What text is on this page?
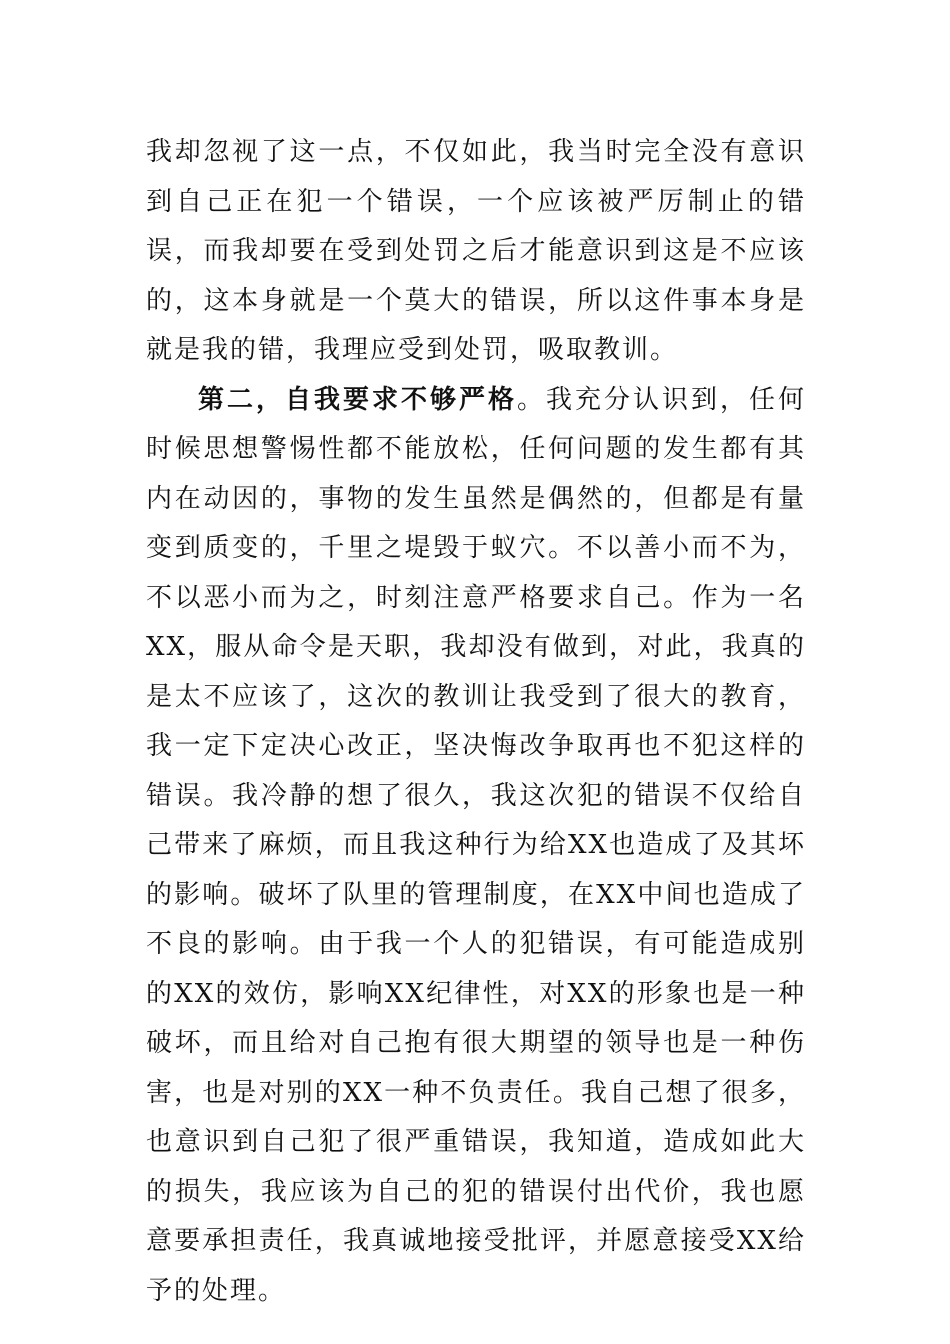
我却忽视了这一点，不仅如此，我当时完全没有意识到自己正在犯一个错误，一个应该被严厉制止的错误，而我却要在受到处罚之后才能意识到这是不应该的，这本身就是一个莫大的错误，所以这件事本身是就是我的错，我理应受到处罚，吸取教训。

第二，自我要求不够严格。我充分认识到，任何时候思想警惕性都不能放松，任何问题的发生都有其内在动因的，事物的发生虽然是偶然的，但都是有量变到质变的，千里之堤毁于蚁穴。不以善小而不为，不以恶小而为之，时刻注意严格要求自己。作为一名XX，服从命令是天职，我却没有做到，对此，我真的是太不应该了，这次的教训让我受到了很大的教育，我一定下定决心改正，坚决悔改争取再也不犯这样的错误。我冷静的想了很久，我这次犯的错误不仅给自己带来了麻烦，而且我这种行为给XX也造成了及其坏的影响。破坏了队里的管理制度，在XX中间也造成了不良的影响。由于我一个人的犯错误，有可能造成别的XX的效仿，影响XX纪律性，对XX的形象也是一种破坏，而且给对自己抱有很大期望的领导也是一种伤害，也是对别的XX一种不负责任。我自己想了很多，也意识到自己犯了很严重错误，我知道，造成如此大的损失，我应该为自己的犯的错误付出代价，我也愿意要承担责任，我真诚地接受批评，并愿意接受XX给予的处理。
